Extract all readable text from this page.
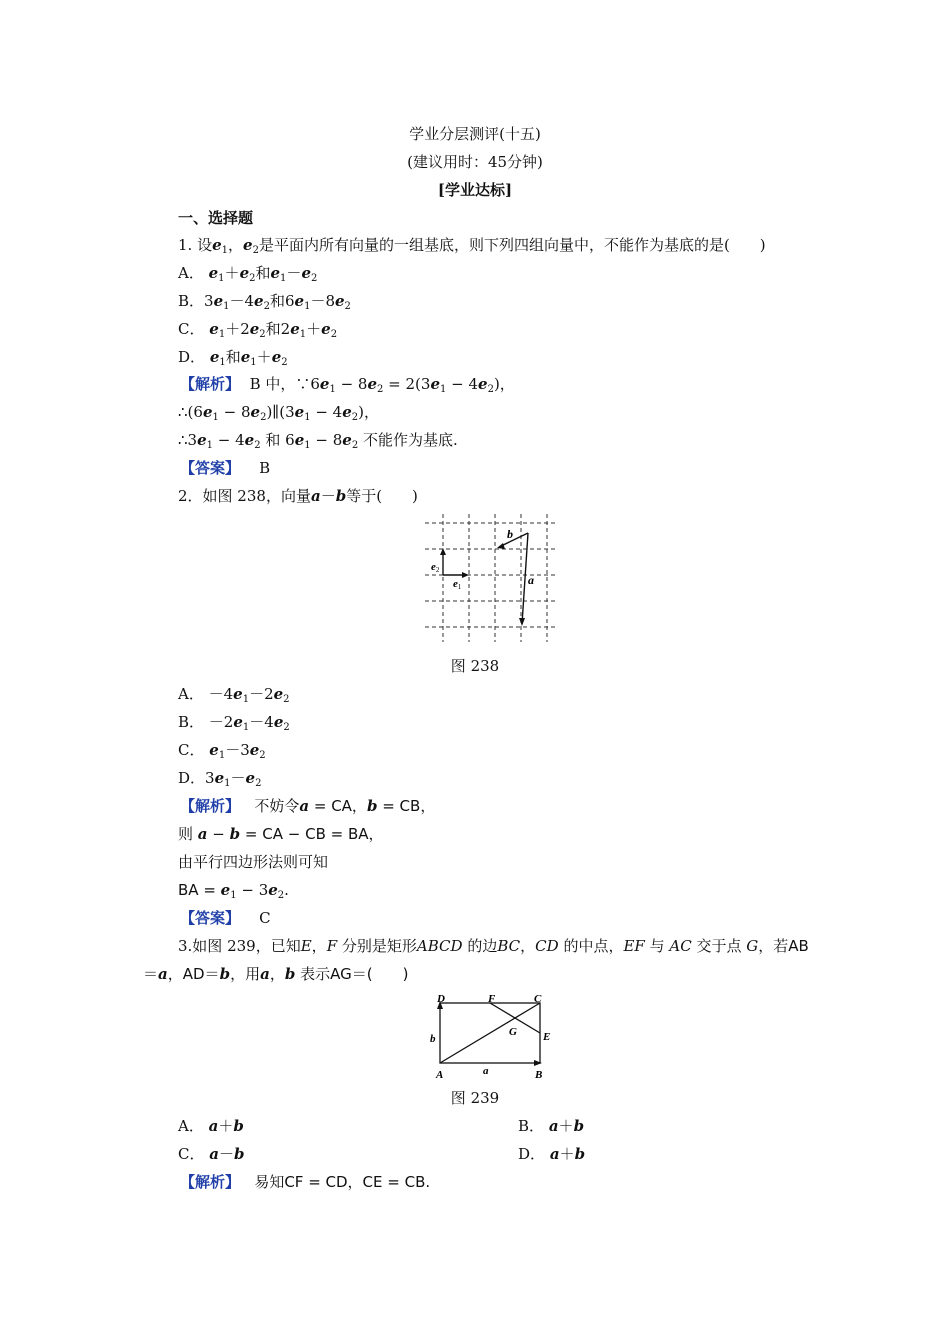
学业分层测评(十五)
(建议用时：45分钟)
[学业达标]
一、选择题
1. 设$e_1$，$e_2$是平面内所有向量的一组基底，则下列四组向量中，不能作为基底的是(　　)
A． $e_1+e_2$和$e_1-e_2$
B．$3e_1-4e_2$和$6e_1-8e_2$
C． $e_1+2e_2$和$2e_1+e_2$
D． $e_1$和$e_1+e_2$
【解析】 B 中，$\because 6e_1 - 8e_2 = 2(3e_1 - 4e_2)$，
$\therefore(6e_1$ − $8e_2)\parallel(3e_1 - 4e_2)$，
$\therefore 3e_1 - 4e_2$ 和 $6e_1 - 8e_2$ 不能作为基底.
【答案】 B
2．如图 238，向量a－b等于(　　)
b
a
e2
e1
图 238
A． $-4e_1-2e_2$
B． $-2e_1-4e_2$
C． $e_1-3e_2$
D．$3e_1-e_2$
【解析】 不妨令a = CA，b = CB，
则 a − b = CA − CB = BA，
由平行四边形法则可知
BA = $e_1 - 3e_2$.
【答案】 C
3.如图 239，已知E，F 分别是矩形ABCD 的边BC，CD 的中点，EF 与 AC 交于点 G，若AB
＝a，AD＝b，用a，b 表示AG＝(　　)
D	F	C
G E
A	B
b
a
图 239
A． a＋b	B． a＋b
C． a－b	D． a＋b
【解析】 易知CF = CD，CE = CB.
